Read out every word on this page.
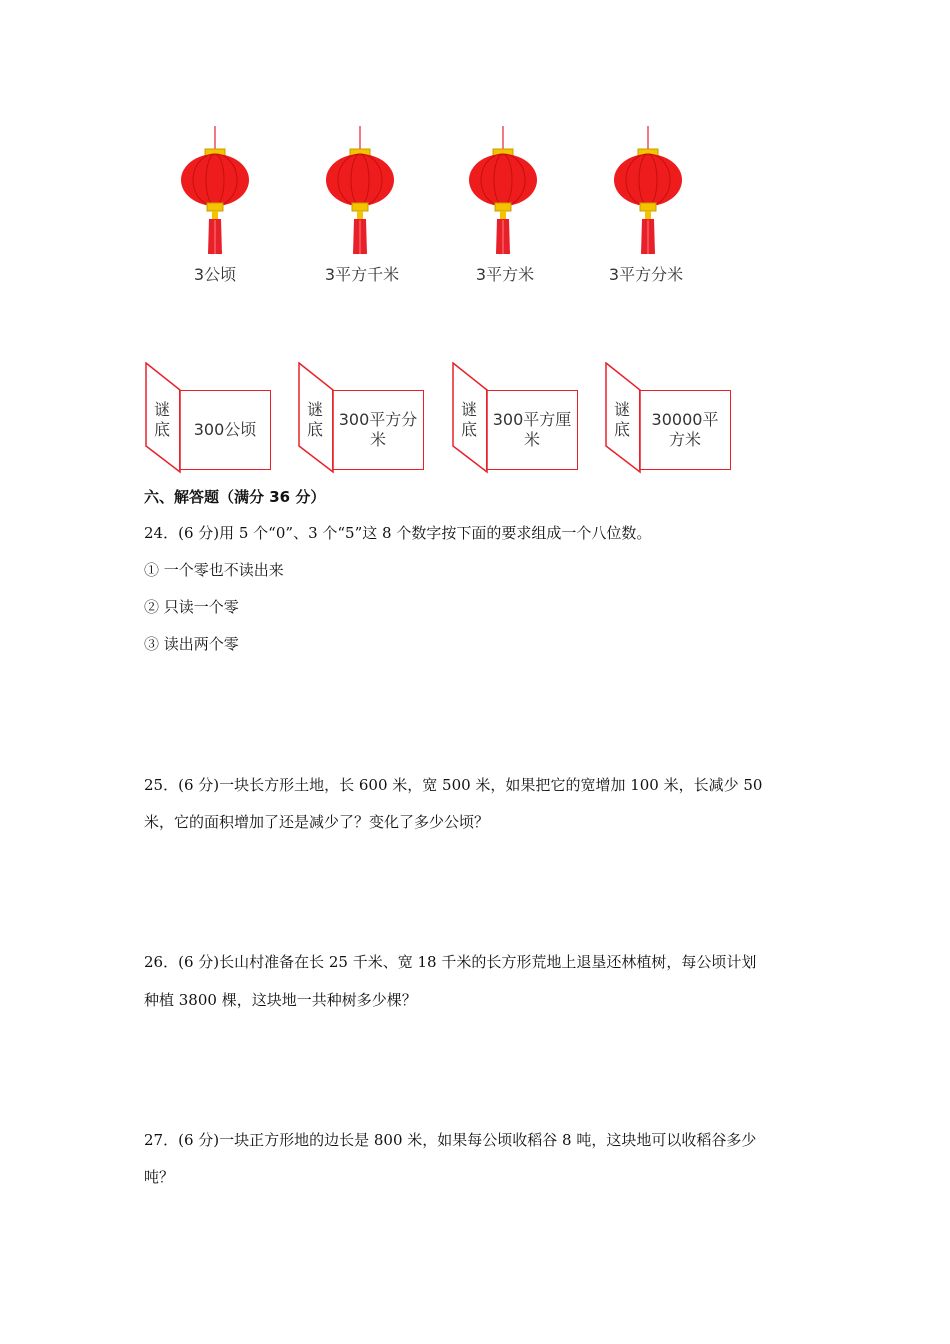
3公顷	3平方千米	3平方米	3平方分米
谜底	300公顷
谜底
300平方分米
谜底
300平方厘米
谜底
30000平方米
六、解答题（满分 36 分）
24．(6 分)用 5 个“0”、3 个“5”这 8 个数字按下面的要求组成一个八位数。
① 一个零也不读出来
② 只读一个零
③ 读出两个零
25．(6 分)一块长方形土地，长 600 米，宽 500 米，如果把它的宽增加 100 米，长减少 50
米，它的面积增加了还是减少了？变化了多少公顷？
26．(6 分)长山村准备在长 25 千米、宽 18 千米的长方形荒地上退垦还林植树，每公顷计划
种植 3800 棵，这块地一共种树多少棵？
27．(6 分)一块正方形地的边长是 800 米，如果每公顷收稻谷 8 吨，这块地可以收稻谷多少
吨？
